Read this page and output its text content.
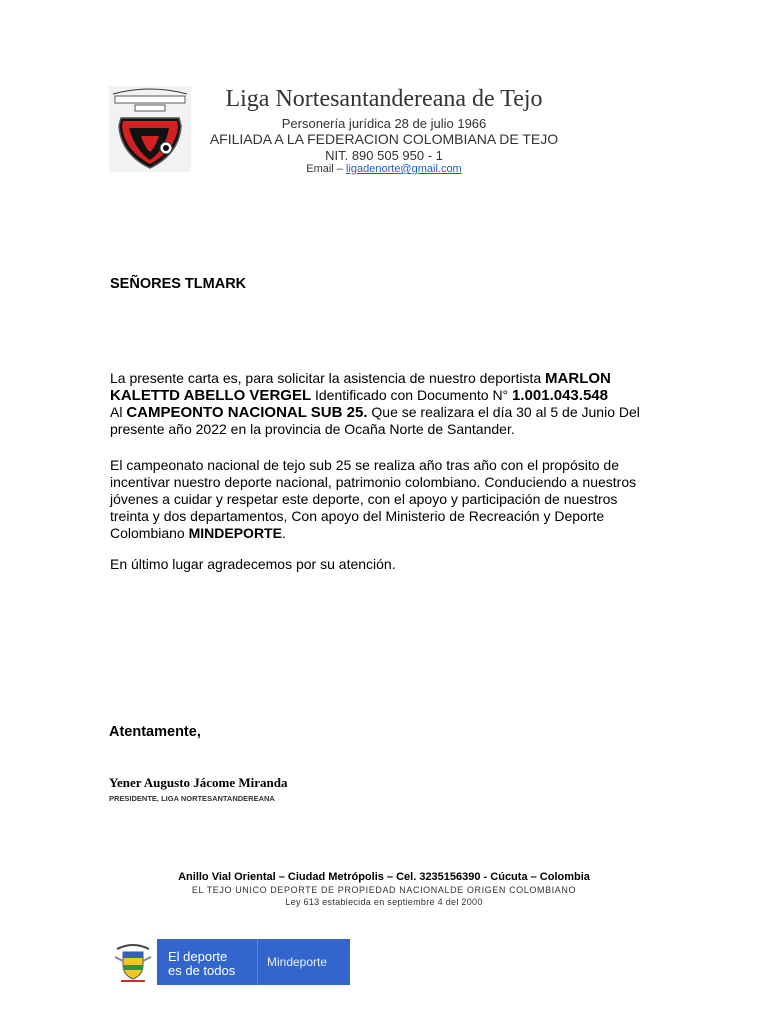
Liga Nortesantandereana de Tejo
Personería jurídica 28 de julio 1966
AFILIADA A LA FEDERACION COLOMBIANA DE TEJO
NIT. 890 505 950 - 1
Email – ligadenorte@gmail.com
SEÑORES TLMARK
La presente carta es, para solicitar la asistencia de nuestro deportista MARLON KALETTD ABELLO VERGEL Identificado con Documento N° 1.001.043.548
Al CAMPEONTO NACIONAL SUB 25. Que se realizara el día 30 al 5 de Junio Del presente año 2022 en la provincia de Ocaña Norte de Santander.
El campeonato nacional de tejo sub 25 se realiza año tras año con el propósito de incentivar nuestro deporte nacional, patrimonio colombiano. Conduciendo a nuestros jóvenes a cuidar y respetar este deporte, con el apoyo y participación de nuestros treinta y dos departamentos, Con apoyo del Ministerio de Recreación y Deporte Colombiano MINDEPORTE.
En último lugar agradecemos por su atención.
Atentamente,
Yener Augusto Jácome Miranda
PRESIDENTE, LIGA NORTESANTANDEREANA
Anillo Vial Oriental – Ciudad Metrópolis – Cel. 3235156390 - Cúcuta – Colombia
EL TEJO UNICO DEPORTE DE PROPIEDAD NACIONALDE ORIGEN COLOMBIANO
Ley 613 establecida en septiembre 4 del 2000
El deporte
es de todos
Mindeporte
